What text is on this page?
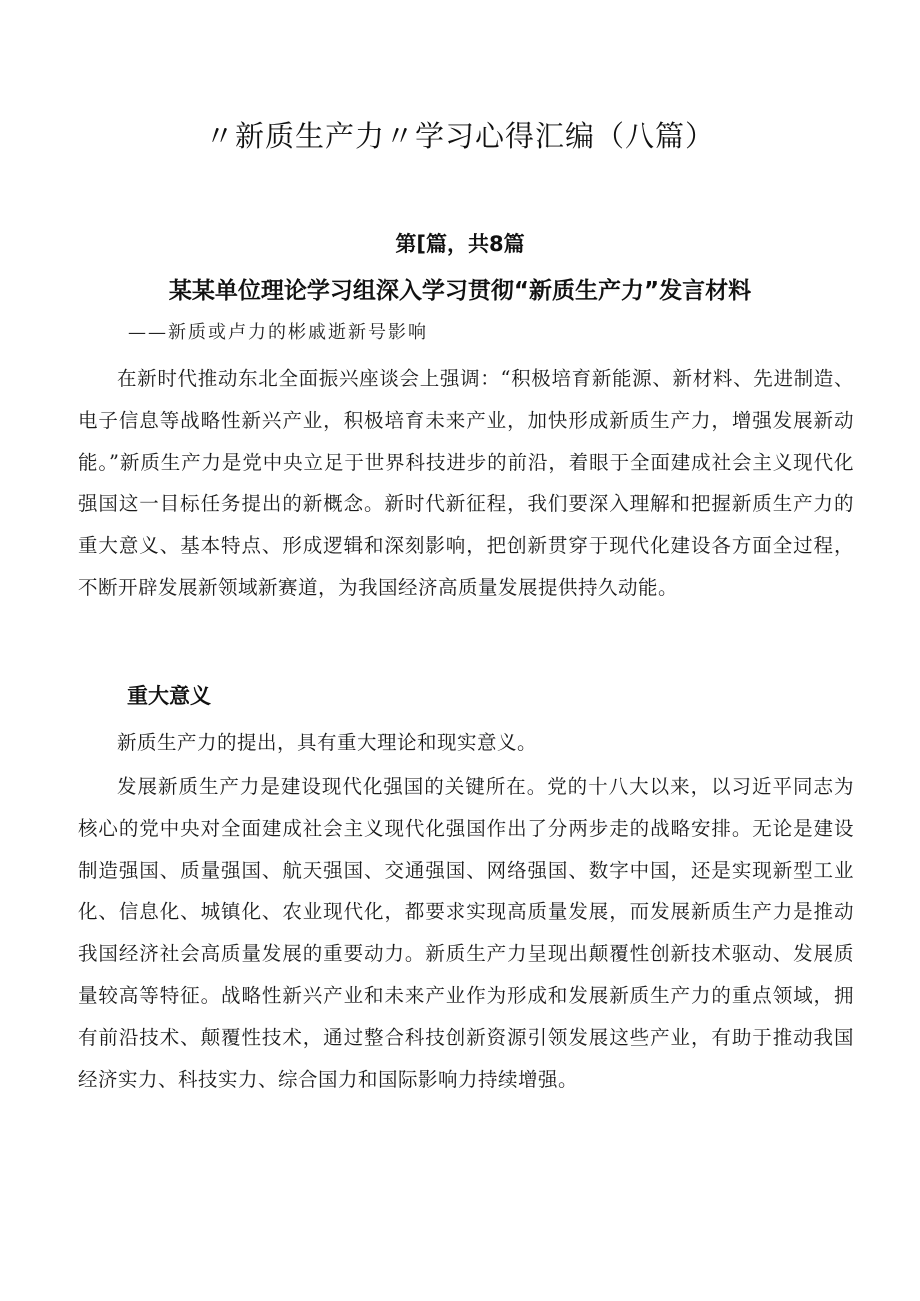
〃新质生产力〃学习心得汇编（八篇）
第[篇，共8篇
某某单位理论学习组深入学习贯彻“新质生产力”发言材料
——新质或卢力的彬戚逝新号影响

在新时代推动东北全面振兴座谈会上强调：“积极培育新能源、新材料、先进制造、电子信息等战略性新兴产业，积极培育未来产业，加快形成新质生产力，增强发展新动能。”新质生产力是党中央立足于世界科技进步的前沿，着眼于全面建成社会主义现代化强国这一目标任务提出的新概念。新时代新征程，我们要深入理解和把握新质生产力的重大意义、基本特点、形成逻辑和深刻影响，把创新贯穿于现代化建设各方面全过程，不断开辟发展新领域新赛道，为我国经济高质量发展提供持久动能。

重大意义

新质生产力的提出，具有重大理论和现实意义。

发展新质生产力是建设现代化强国的关键所在。党的十八大以来，以习近平同志为核心的党中央对全面建成社会主义现代化强国作出了分两步走的战略安排。无论是建设制造强国、质量强国、航天强国、交通强国、网络强国、数字中国，还是实现新型工业化、信息化、城镇化、农业现代化，都要求实现高质量发展，而发展新质生产力是推动我国经济社会高质量发展的重要动力。新质生产力呈现出颠覆性创新技术驱动、发展质量较高等特征。战略性新兴产业和未来产业作为形成和发展新质生产力的重点领域，拥有前沿技术、颠覆性技术，通过整合科技创新资源引领发展这些产业，有助于推动我国经济实力、科技实力、综合国力和国际影响力持续增强。
